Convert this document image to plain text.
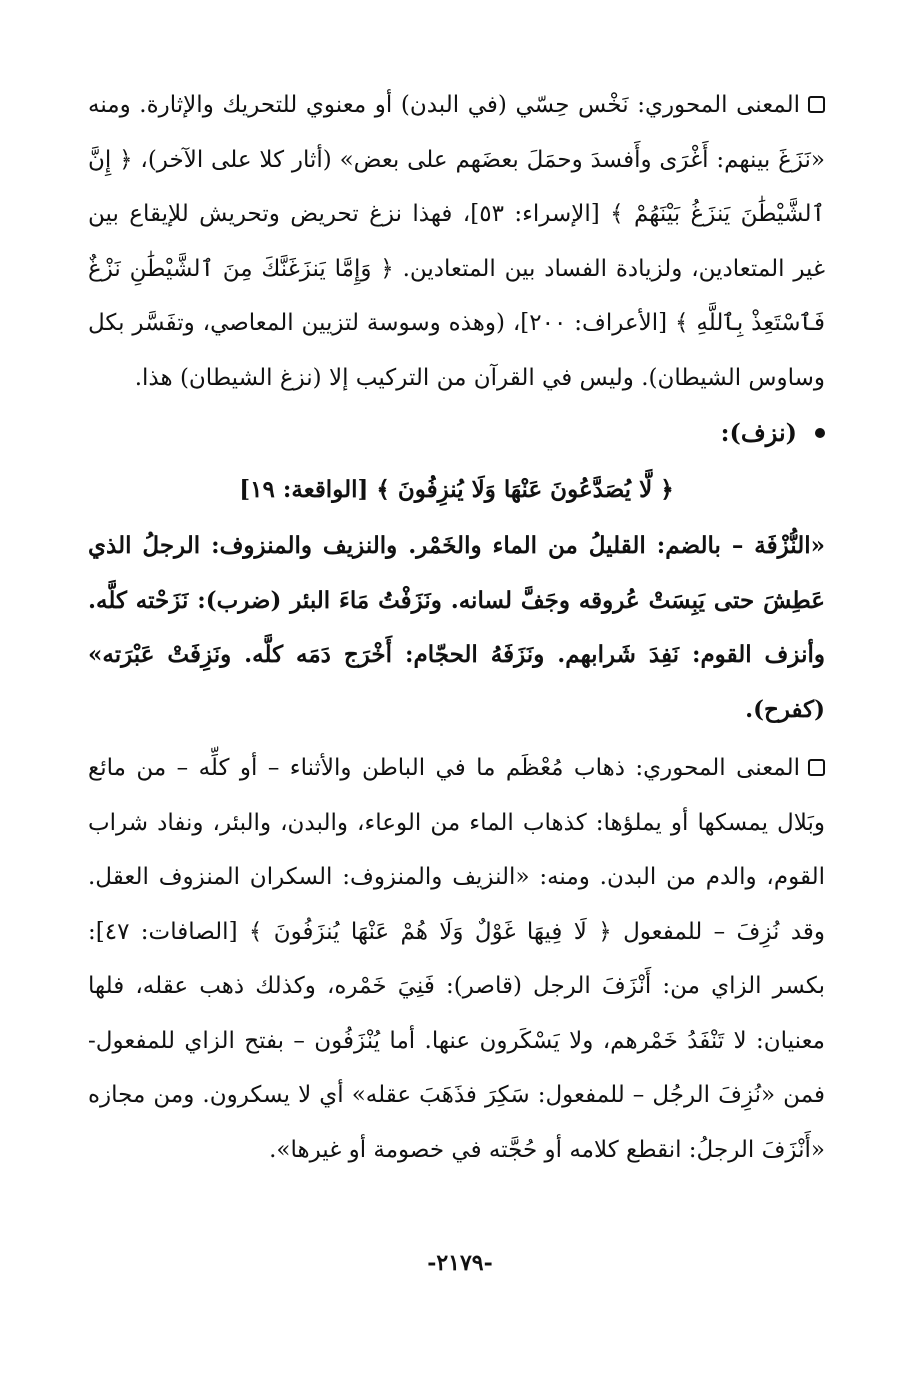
المعنى المحوري: نَخْس حِسّي (في البدن) أو معنوي للتحريك والإثارة. ومنه «نَزَغَ بينهم: أَغْرَى وأَفسدَ وحمَلَ بعضَهم على بعض» (أثار كلا على الآخر)، ﴿ إِنَّ ٱلشَّيْطَٰنَ يَنزَغُ بَيْنَهُمْ ﴾ [الإسراء: ٥٣]، فهذا نزغ تحريض وتحريش للإيقاع بين غير المتعادين، ولزيادة الفساد بين المتعادين. ﴿ وَإِمَّا يَنزَغَنَّكَ مِنَ ٱلشَّيْطَٰنِ نَزْغٌ فَٱسْتَعِذْ بِٱللَّهِ ﴾ [الأعراف: ٢٠٠]، (وهذه وسوسة لتزيين المعاصي، وتفَسَّر بكل وساوس الشيطان). وليس في القرآن من التركيب إلا (نزغ الشيطان) هذا.

(نزف):

﴿ لَّا يُصَدَّعُونَ عَنْهَا وَلَا يُنزِفُونَ ﴾ [الواقعة: ١٩]

«النُّزْفَة – بالضم: القليلُ من الماء والخَمْر. والنزيف والمنزوف: الرجلُ الذي عَطِشَ حتى يَبِسَتْ عُروقه وجَفَّ لسانه. ونَزَفْتُ مَاءَ البئر (ضرب): نَزَحْته كلَّه. وأنزف القوم: نَفِدَ شَرابهم. ونَزَفَهُ الحجّام: أَخْرَج دَمَه كلَّه. ونَزِفَتْ عَبْرَته» (كفرح).

المعنى المحوري: ذهاب مُعْظَم ما في الباطن والأثناء – أو كلِّه – من مائع وبَلال يمسكها أو يملؤها: كذهاب الماء من الوعاء، والبدن، والبئر، ونفاد شراب القوم، والدم من البدن. ومنه: «النزيف والمنزوف: السكران المنزوف العقل. وقد نُزِفَ – للمفعول ﴿ لَا فِيهَا غَوْلٌ وَلَا هُمْ عَنْهَا يُنزَفُونَ ﴾ [الصافات: ٤٧]: بكسر الزاي من: أَنْزَفَ الرجل (قاصر): فَنِيَ خَمْره، وكذلك ذهب عقله، فلها معنيان: لا تَنْفَدُ خَمْرهم، ولا يَسْكَرون عنها. أما يُنْزَفُون – بفتح الزاي للمفعول- فمن «نُزِفَ الرجُل – للمفعول: سَكِرَ فذَهَبَ عقله» أي لا يسكرون. ومن مجازه «أَنْزَفَ الرجلُ: انقطع كلامه أو حُجَّته في خصومة أو غيرها».

-٢١٧٩-
